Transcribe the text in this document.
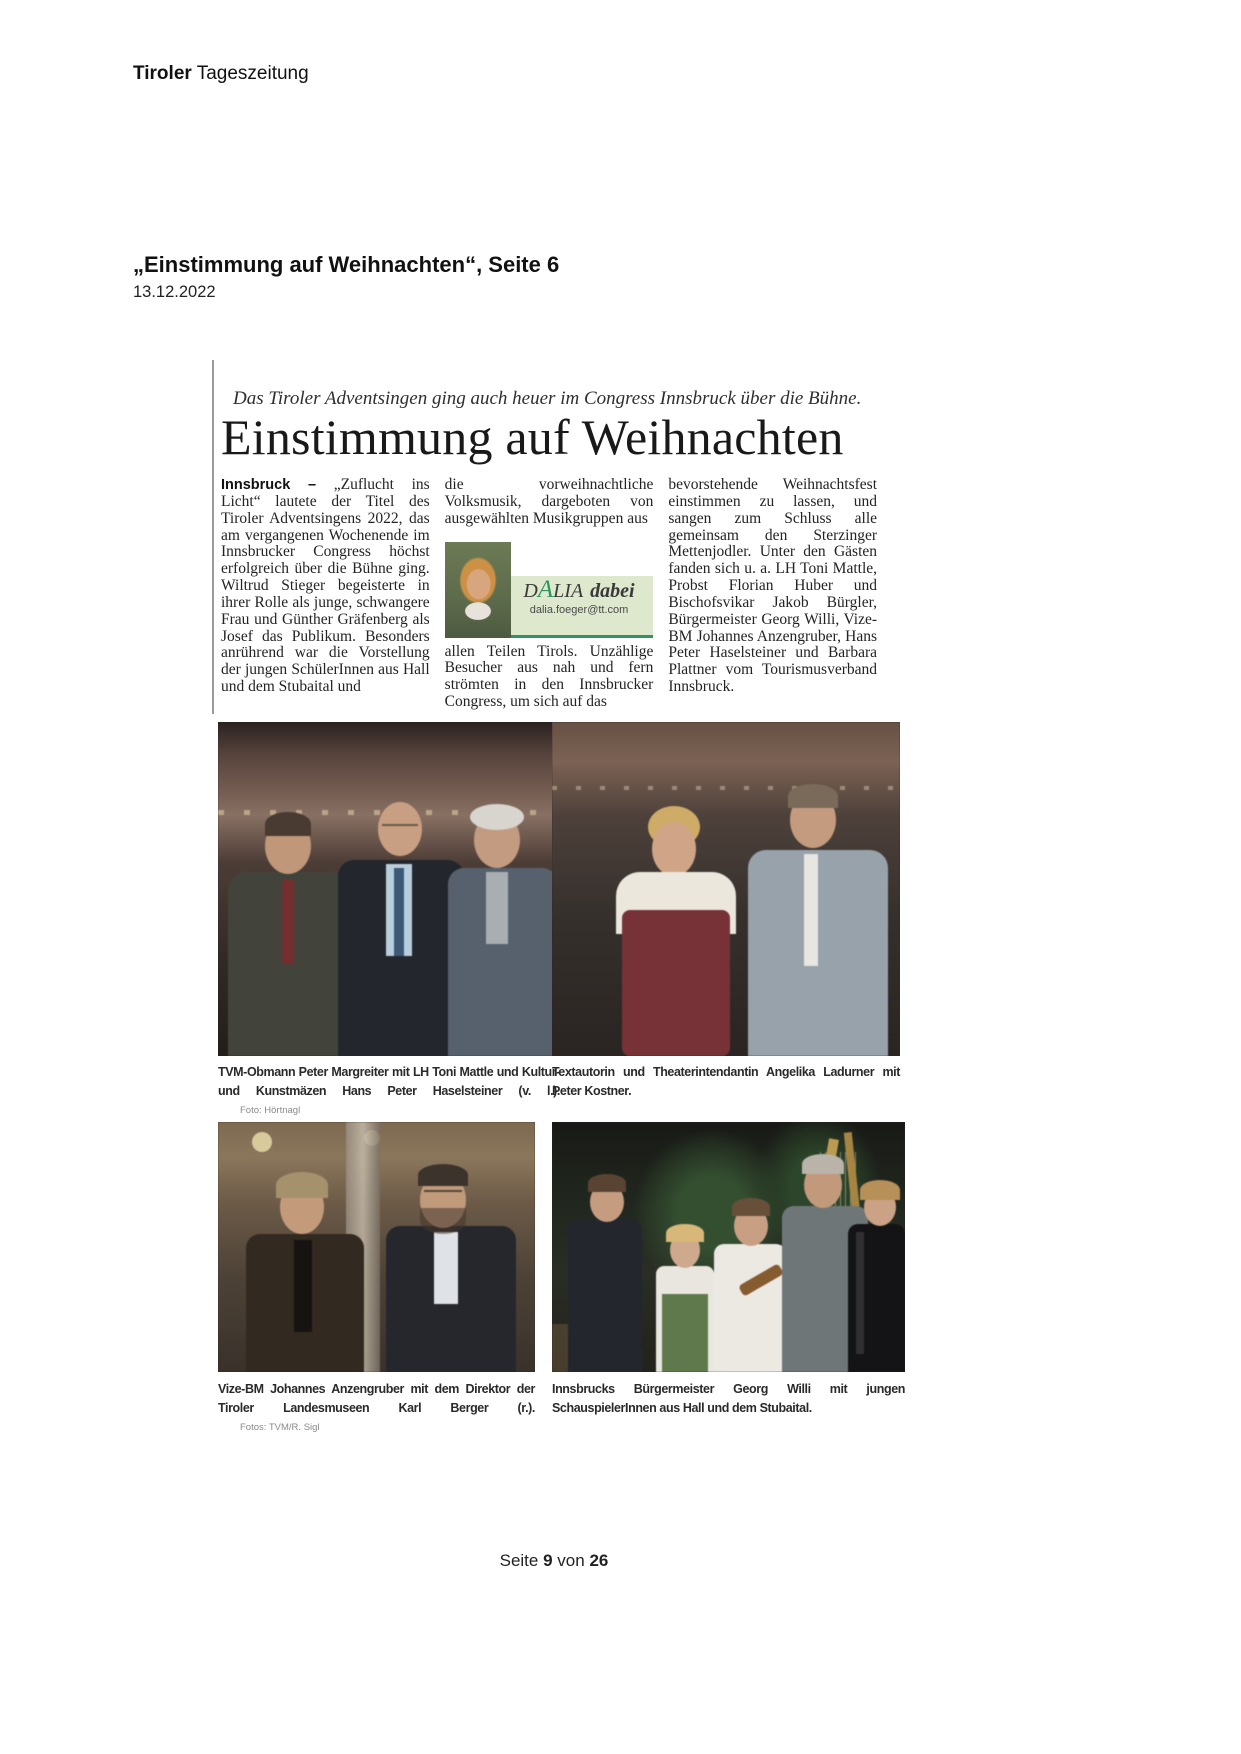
Tiroler Tageszeitung
„Einstimmung auf Weihnachten“, Seite 6
13.12.2022
Das Tiroler Adventsingen ging auch heuer im Congress Innsbruck über die Bühne.
Einstimmung auf Weihnachten
Innsbruck – „Zuflucht ins Licht“ lautete der Titel des Tiroler Adventsingens 2022, das am vergangenen Wochenende im Innsbrucker Congress höchst erfolgreich über die Bühne ging. Wiltrud Stieger begeisterte in ihrer Rolle als junge, schwangere Frau und Günther Gräfenberg als Josef das Publikum. Besonders anrührend war die Vorstellung der jungen SchülerInnen aus Hall und dem Stubaital und

die vorweihnachtliche Volksmusik, dargeboten von ausgewählten Musikgruppen aus

DALIA dabei
dalia.foeger@tt.com

allen Teilen Tirols. Unzählige Besucher aus nah und fern strömten in den Innsbrucker Congress, um sich auf das

bevorstehende Weihnachtsfest einstimmen zu lassen, und sangen zum Schluss alle gemeinsam den Sterzinger Mettenjodler. Unter den Gästen fanden sich u. a. LH Toni Mattle, Probst Florian Huber und Bischofsvikar Jakob Bürgler, Bürgermeister Georg Willi, Vize-BM Johannes Anzengruber, Hans Peter Haselsteiner und Barbara Plattner vom Tourismusverband Innsbruck.
TVM-Obmann Peter Margreiter mit LH Toni Mattle und Kultur- und Kunstmäzen Hans Peter Haselsteiner (v. l.). Foto: Hörtnagl
Textautorin und Theaterintendantin Angelika Ladurner mit Peter Kostner.
Vize-BM Johannes Anzengruber mit dem Direktor der Tiroler Landesmuseen Karl Berger (r.). Fotos: TVM/R. Sigl
Innsbrucks Bürgermeister Georg Willi mit jungen SchauspielerInnen aus Hall und dem Stubaital.
Seite 9 von 26
